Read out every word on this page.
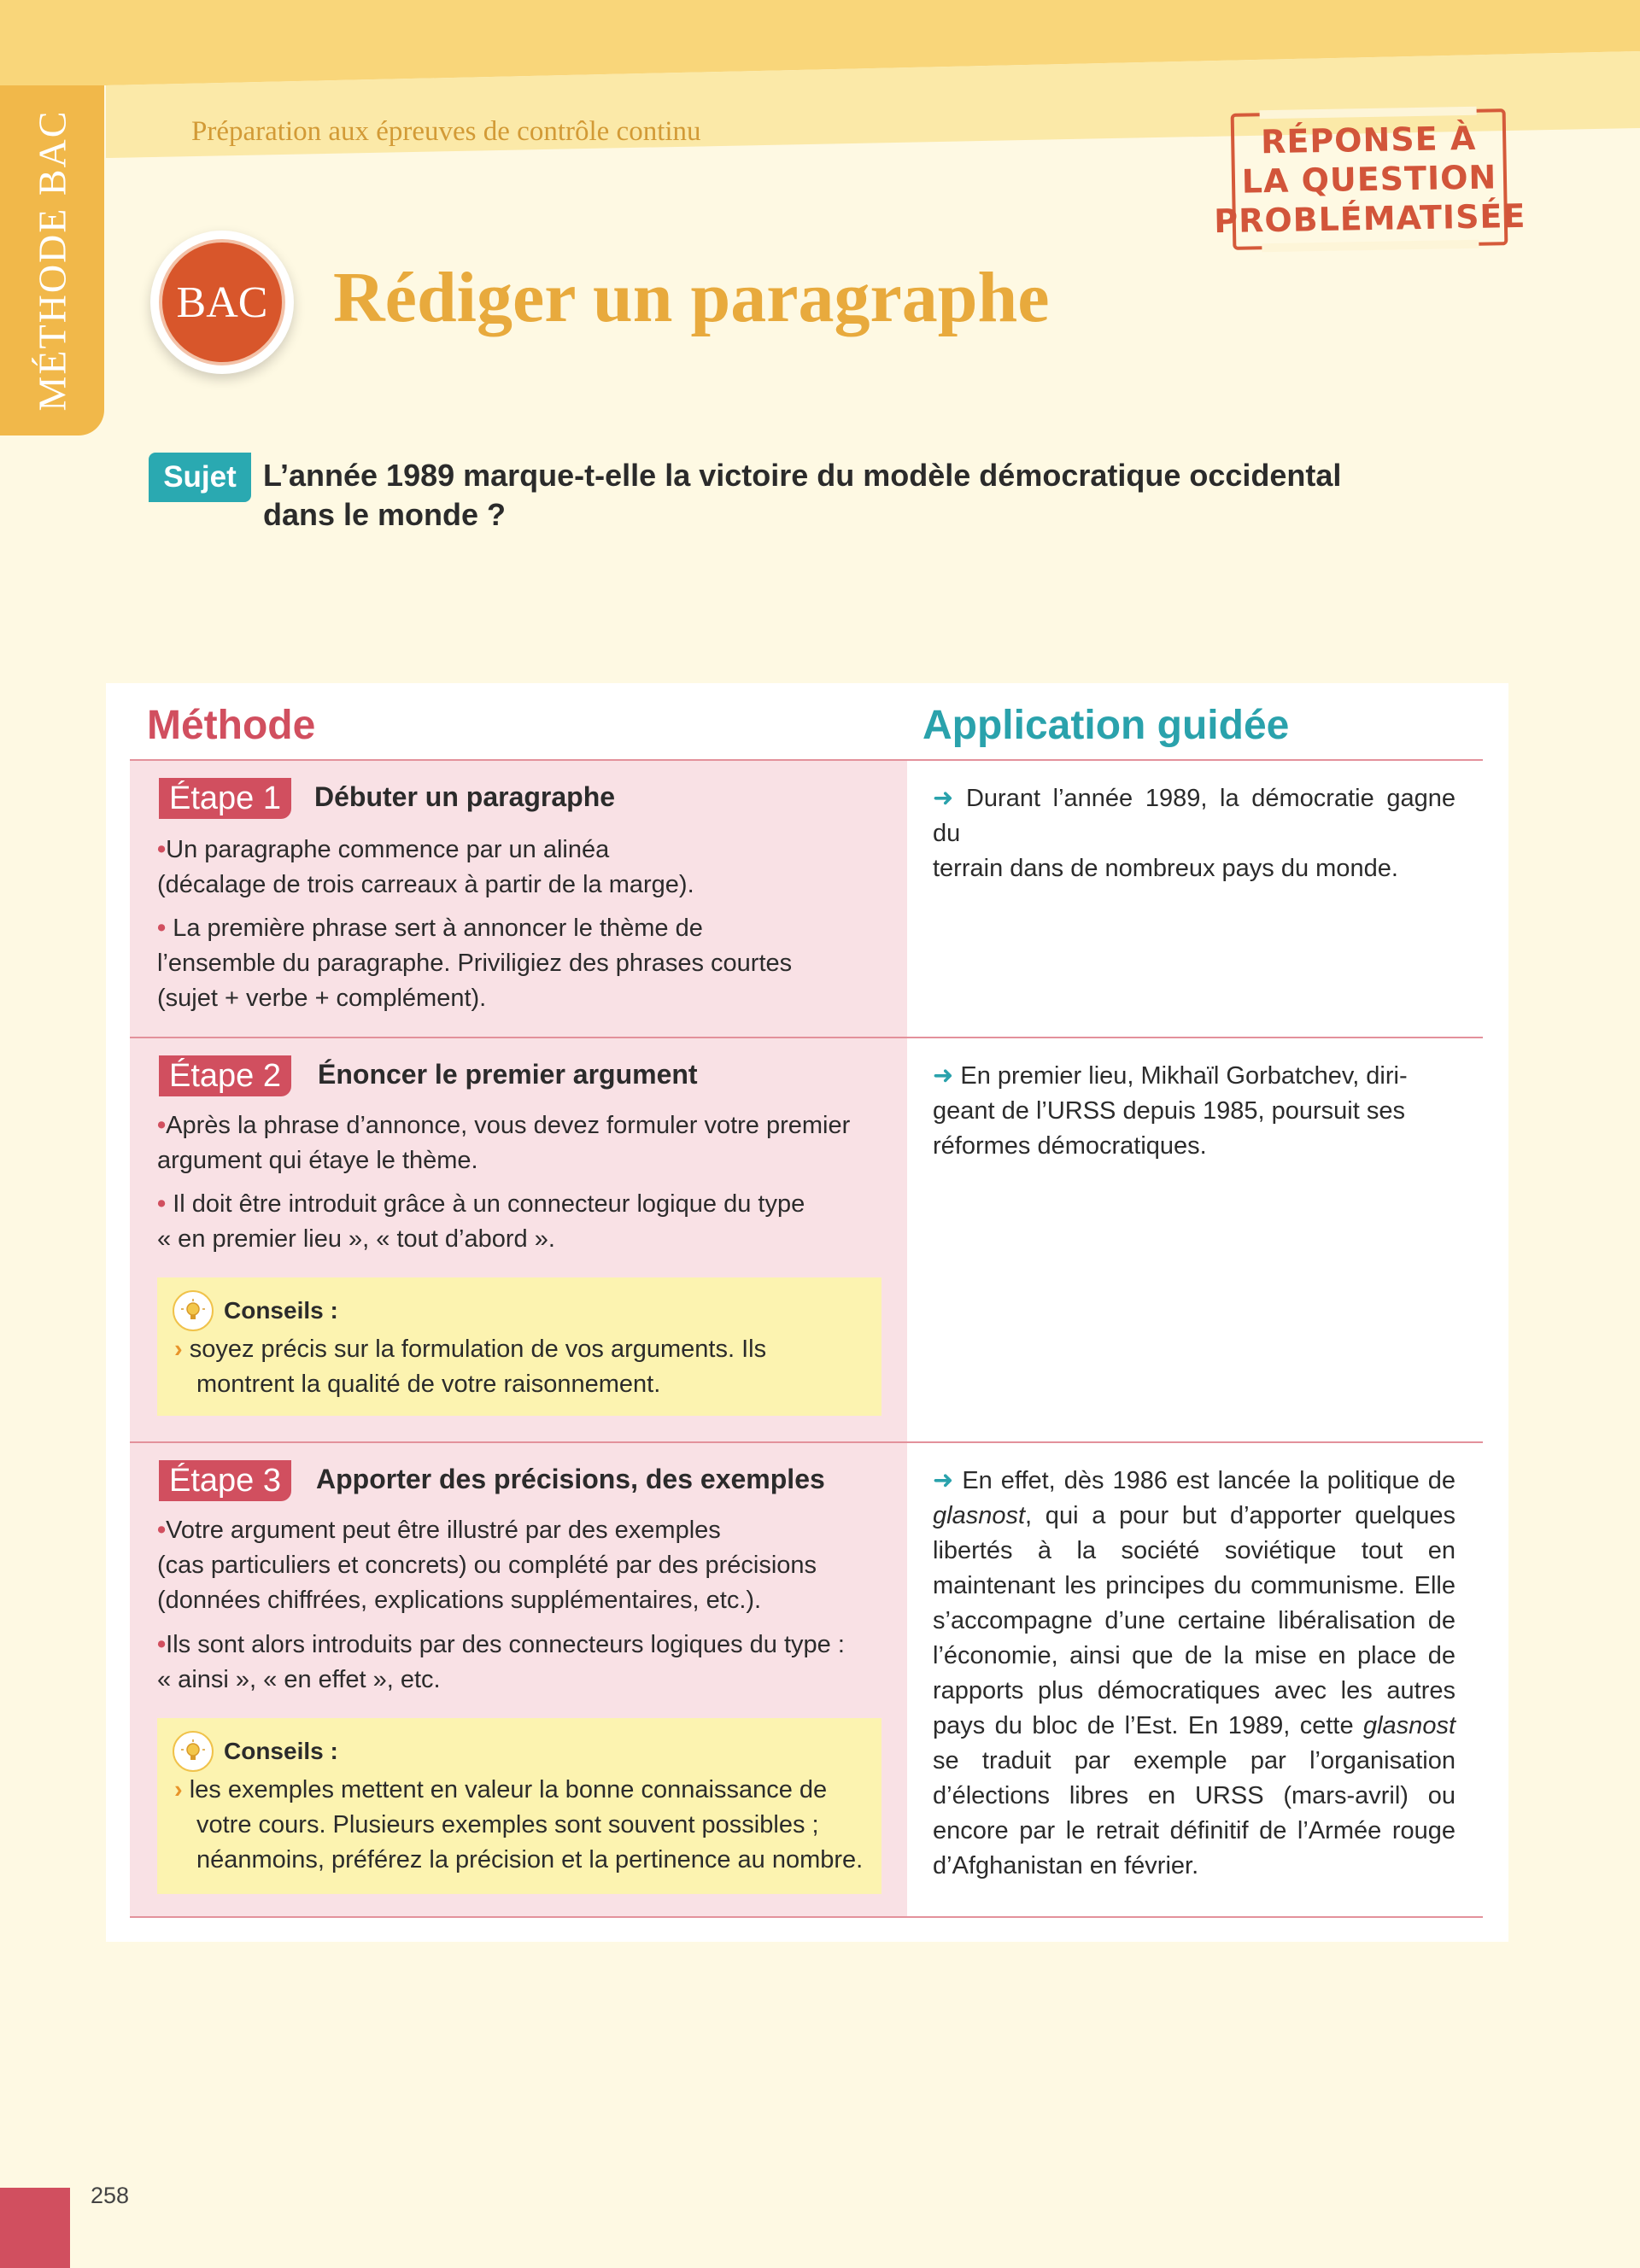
MÉTHODE BAC	Préparation aux épreuves de contrôle continu	RÉPONSE À
LA QUESTION
PROBLÉMATISÉE
BAC Rédiger un paragraphe
Sujet L’année 1989 marque-t-elle la victoire du modèle démocratique occidental
dans le monde ?
Méthode	Application guidée
Étape 1	Débuter un paragraphe
•Un paragraphe commence par un alinéa
(décalage de trois carreaux à partir de la marge).
• La première phrase sert à annoncer le thème de
l’ensemble du paragraphe. Priviligiez des phrases courtes
(sujet + verbe + complément).
➜ Durant l’année 1989, la démocratie gagne du
terrain dans de nombreux pays du monde.
Étape 2	Énoncer le premier argument
•Après la phrase d’annonce, vous devez formuler votre premier
argument qui étaye le thème.
• Il doit être introduit grâce à un connecteur logique du type
« en premier lieu », « tout d’abord ».
Conseils :
› soyez précis sur la formulation de vos arguments. Ils
montrent la qualité de votre raisonnement.
➜ En premier lieu, Mikhaïl Gorbatchev, diri-
geant de l’URSS depuis 1985, poursuit ses
réformes démocratiques.
Étape 3	Apporter des précisions, des exemples
•Votre argument peut être illustré par des exemples
(cas particuliers et concrets) ou complété par des précisions
(données chiffrées, explications supplémentaires, etc.).
•Ils sont alors introduits par des connecteurs logiques du type :
« ainsi », « en effet », etc.
Conseils :
› les exemples mettent en valeur la bonne connaissance de
votre cours. Plusieurs exemples sont souvent possibles ;
néanmoins, préférez la précision et la pertinence au nombre.
➜ En effet, dès 1986 est lancée la politique de glasnost, qui a pour but d’apporter quelques libertés à la société soviétique tout en maintenant les principes du communisme. Elle s’accompagne d’une certaine libéralisation de l’économie, ainsi que de la mise en place de rapports plus démocratiques avec les autres pays du bloc de l’Est. En 1989, cette glasnost se traduit par exemple par l’organisation d’élections libres en URSS (mars-avril) ou encore par le retrait définitif de l’Armée rouge d’Afghanistan en février.
258
